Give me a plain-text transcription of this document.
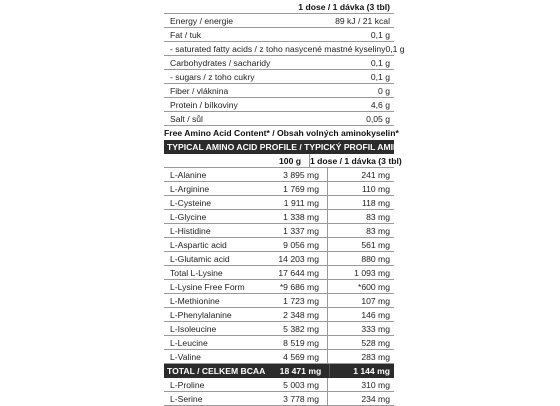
1 dose / 1 dávka (3 tbl)
Energy / energie	89 kJ / 21 kcal
Fat / tuk	0,1 g
- saturated fatty acids / z toho nasycené mastné kyseliny 0,1 g
Carbohydrates / sacharidy	0,1 g
- sugars / z toho cukry	0,1 g
Fiber / vláknina	0 g
Protein / bílkoviny	4,6 g
Salt / sůl	0,05 g
Free Amino Acid Content* / Obsah volných aminokyselin*
TYPICAL AMINO ACID PROFILE / TYPICKÝ PROFIL AMINOKYSELIN:
100 g	1 dose / 1 dávka (3 tbl)
L-Alanine	3 895 mg	241 mg
L-Arginine	1 769 mg	110 mg
L-Cysteine	1 911 mg	118 mg
L-Glycine	1 338 mg	83 mg
L-Histidine	1 337 mg	83 mg
L-Aspartic acid	9 056 mg	561 mg
L-Glutamic acid	14 203 mg	880 mg
Total L-Lysine	17 644 mg	1 093 mg
L-Lysine Free Form	*9 686 mg	*600 mg
L-Methionine	1 723 mg	107 mg
L-Phenylalanine	2 348 mg	146 mg
L-Isoleucine	5 382 mg	333 mg
L-Leucine	8 519 mg	528 mg
L-Valine	4 569 mg	283 mg
TOTAL / CELKEM BCAA	18 471 mg	1 144 mg
L-Proline	5 003 mg	310 mg
L-Serine	3 778 mg	234 mg
